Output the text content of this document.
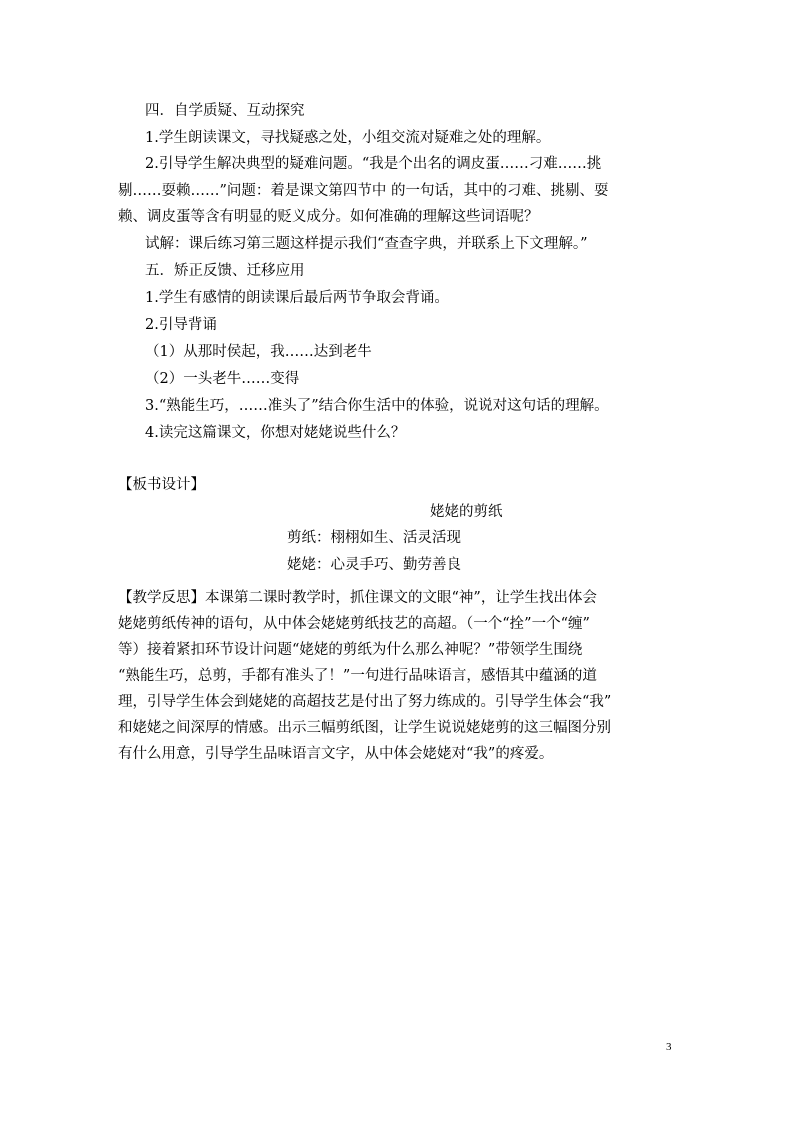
四．自学质疑、互动探究
1.学生朗读课文，寻找疑惑之处，小组交流对疑难之处的理解。
2.引导学生解决典型的疑难问题。“我是个出名的调皮蛋……刁难……挑
剔……耍赖……”问题：着是课文第四节中 的一句话，其中的刁难、挑剔、耍
赖、调皮蛋等含有明显的贬义成分。如何准确的理解这些词语呢？
试解：课后练习第三题这样提示我们“查查字典，并联系上下文理解。”
五．矫正反馈、迁移应用
1.学生有感情的朗读课后最后两节争取会背诵。
2.引导背诵
（1）从那时侯起，我……达到老牛
（2）一头老牛……变得
3.“熟能生巧，……准头了”结合你生活中的体验，说说对这句话的理解。
4.读完这篇课文，你想对姥姥说些什么？
【板书设计】
姥姥的剪纸
剪纸：栩栩如生、活灵活现
姥姥：心灵手巧、勤劳善良
【教学反思】本课第二课时教学时，抓住课文的文眼“神”，让学生找出体会
姥姥剪纸传神的语句，从中体会姥姥剪纸技艺的高超。（一个“拴”一个“缠”
等）接着紧扣环节设计问题“姥姥的剪纸为什么那么神呢？”带领学生围绕
“熟能生巧，总剪，手都有准头了！”一句进行品味语言，感悟其中蕴涵的道
理，引导学生体会到姥姥的高超技艺是付出了努力练成的。引导学生体会“我”
和姥姥之间深厚的情感。出示三幅剪纸图，让学生说说姥姥剪的这三幅图分别
有什么用意，引导学生品味语言文字，从中体会姥姥对“我”的疼爱。
3
